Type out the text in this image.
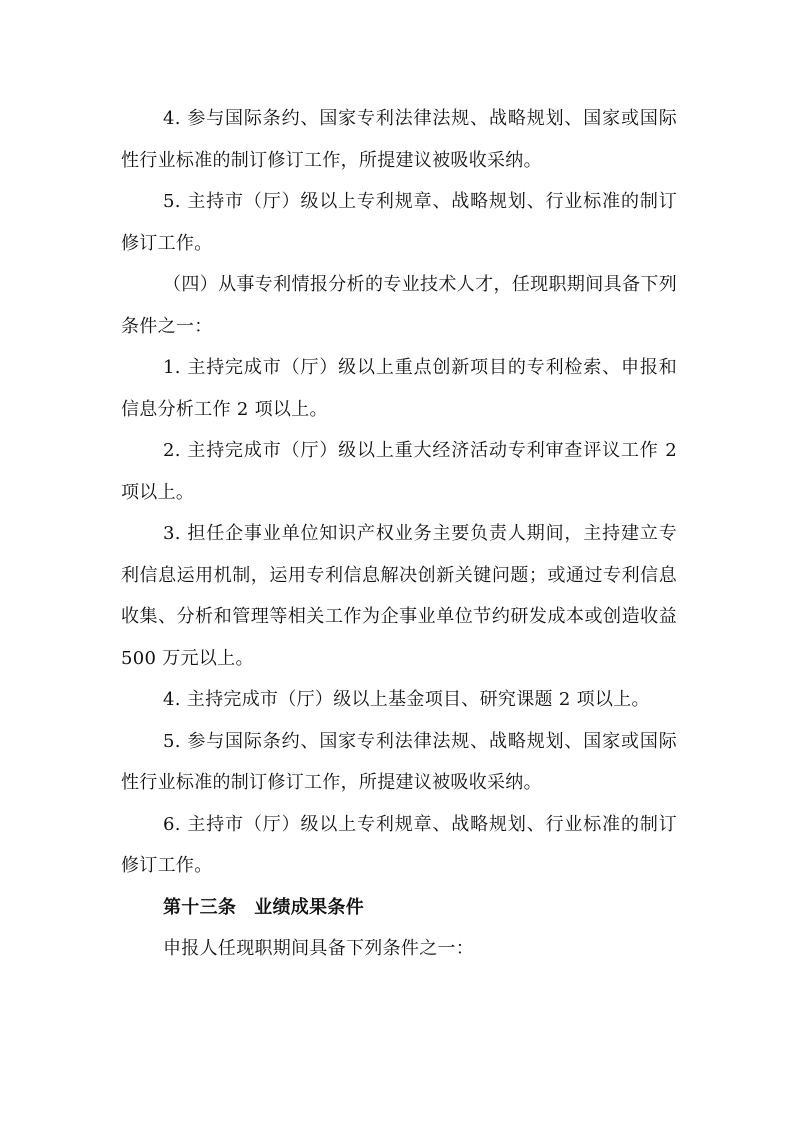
4. 参与国际条约、国家专利法律法规、战略规划、国家或国际性行业标准的制订修订工作，所提建议被吸收采纳。

5. 主持市（厅）级以上专利规章、战略规划、行业标准的制订修订工作。

（四）从事专利情报分析的专业技术人才，任现职期间具备下列条件之一：

1. 主持完成市（厅）级以上重点创新项目的专利检索、申报和信息分析工作 2 项以上。

2. 主持完成市（厅）级以上重大经济活动专利审查评议工作 2 项以上。

3. 担任企事业单位知识产权业务主要负责人期间，主持建立专利信息运用机制，运用专利信息解决创新关键问题；或通过专利信息收集、分析和管理等相关工作为企事业单位节约研发成本或创造收益 500 万元以上。

4. 主持完成市（厅）级以上基金项目、研究课题 2 项以上。

5. 参与国际条约、国家专利法律法规、战略规划、国家或国际性行业标准的制订修订工作，所提建议被吸收采纳。

6. 主持市（厅）级以上专利规章、战略规划、行业标准的制订修订工作。

第十三条 业绩成果条件

申报人任现职期间具备下列条件之一：
